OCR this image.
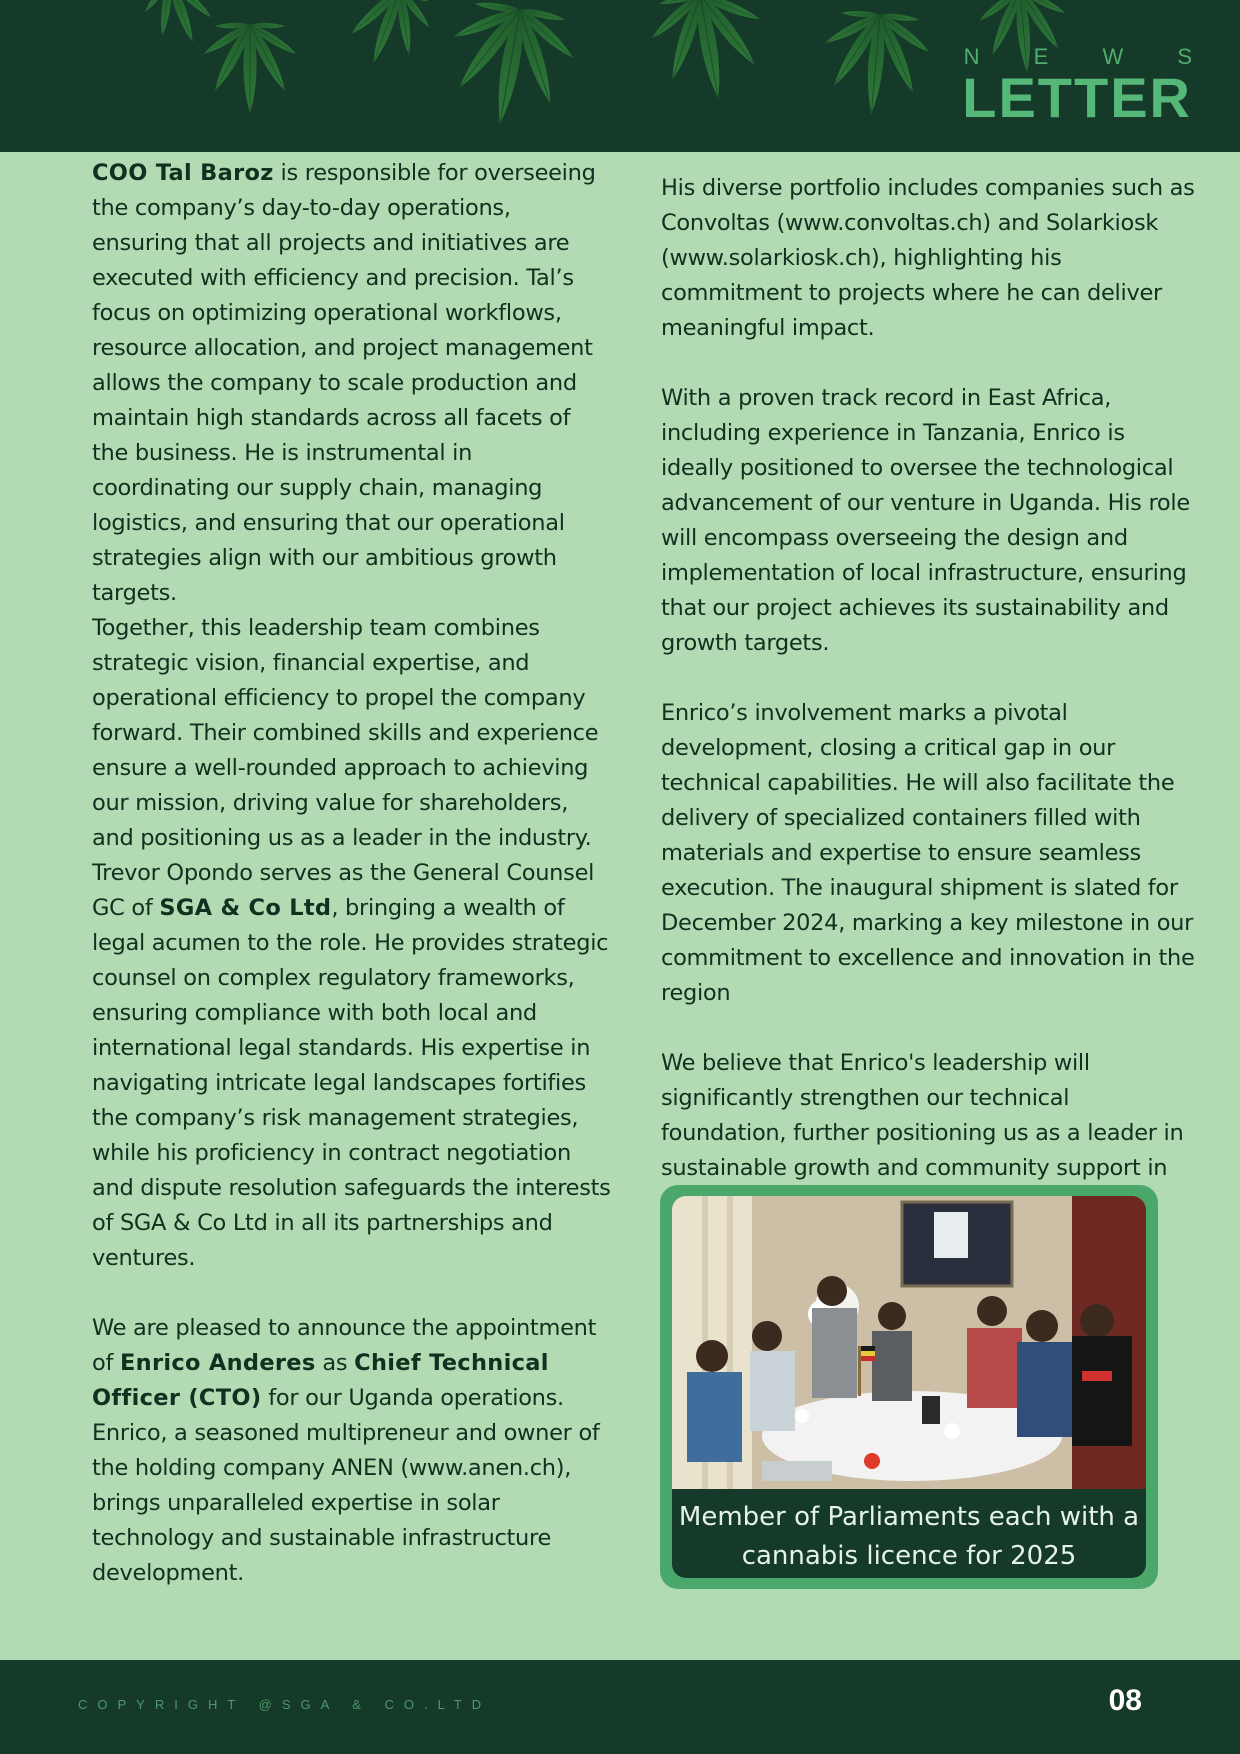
N E W S
LETTER

COO Tal Baroz is responsible for overseeing the company’s day-to-day operations, ensuring that all projects and initiatives are executed with efficiency and precision. Tal’s focus on optimizing operational workflows, resource allocation, and project management allows the company to scale production and maintain high standards across all facets of the business. He is instrumental in coordinating our supply chain, managing logistics, and ensuring that our operational strategies align with our ambitious growth targets.

Together, this leadership team combines strategic vision, financial expertise, and operational efficiency to propel the company forward. Their combined skills and experience ensure a well-rounded approach to achieving our mission, driving value for shareholders, and positioning us as a leader in the industry.

Trevor Opondo serves as the General Counsel GC of SGA & Co Ltd, bringing a wealth of legal acumen to the role. He provides strategic counsel on complex regulatory frameworks, ensuring compliance with both local and international legal standards. His expertise in navigating intricate legal landscapes fortifies the company’s risk management strategies, while his proficiency in contract negotiation and dispute resolution safeguards the interests of SGA & Co Ltd in all its partnerships and ventures.

We are pleased to announce the appointment of Enrico Anderes as Chief Technical Officer (CTO) for our Uganda operations. Enrico, a seasoned multipreneur and owner of the holding company ANEN (www.anen.ch), brings unparalleled expertise in solar technology and sustainable infrastructure development.

His diverse portfolio includes companies such as Convoltas (www.convoltas.ch) and Solarkiosk (www.solarkiosk.ch), highlighting his commitment to projects where he can deliver meaningful impact.

With a proven track record in East Africa, including experience in Tanzania, Enrico is ideally positioned to oversee the technological advancement of our venture in Uganda. His role will encompass overseeing the design and implementation of local infrastructure, ensuring that our project achieves its sustainability and growth targets.

Enrico’s involvement marks a pivotal development, closing a critical gap in our technical capabilities. He will also facilitate the delivery of specialized containers filled with materials and expertise to ensure seamless execution. The inaugural shipment is slated for December 2024, marking a key milestone in our commitment to excellence and innovation in the region

We believe that Enrico's leadership will significantly strengthen our technical foundation, further positioning us as a leader in sustainable growth and community support in

Member of Parliaments each with a
cannabis licence for 2025
COPYRIGHT @SGA & CO.LTD	08
